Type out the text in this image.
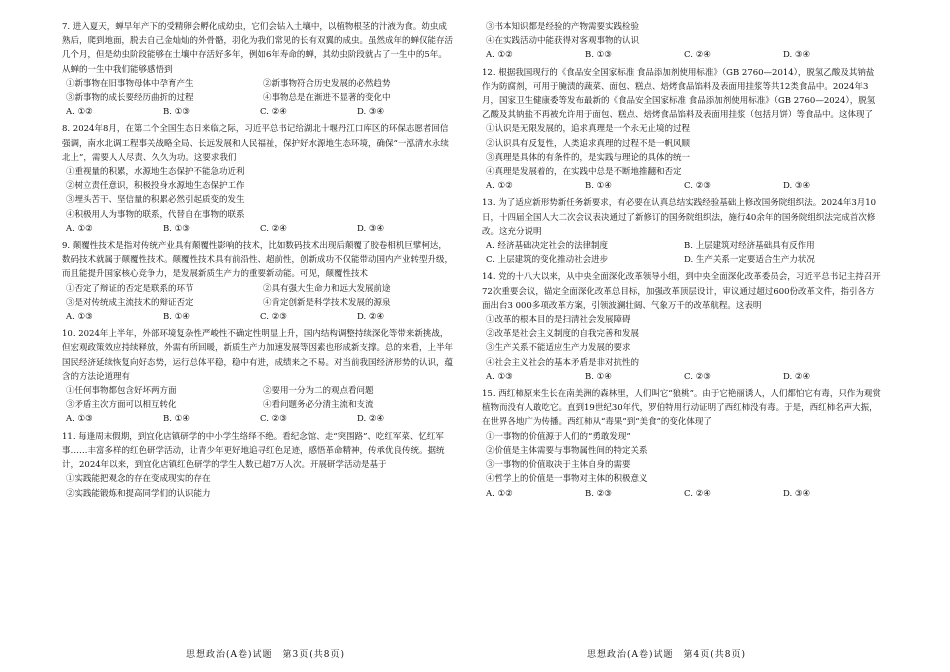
7. 进入夏天，蝉早年产下的受精卵会孵化成幼虫，它们会钻入土壤中，以植物根茎的汁液为食。幼虫成熟后，爬到地面，脱去自己金灿灿的外骨骼，羽化为我们常见的长有双翼的成虫。虽然成年的蝉仅能存活几个月，但是幼虫阶段能够在土壤中存活好多年，例如6年寿命的蝉，其幼虫阶段就占了一生中的5年。从蝉的一生中我们能够感悟到

①新事物在旧事物母体中孕育产生	②新事物符合历史发展的必然趋势
③新事物的成长要经历曲折的过程	④事物总是在渐进不显著的变化中
A. ①②	B. ①③	C. ②④	D. ③④

8. 2024年8月，在第二个全国生态日来临之际，习近平总书记给湖北十堰丹江口库区的环保志愿者回信强调，南水北调工程事关战略全局、长远发展和人民福祉，保护好水源地生态环境，确保“一泓清水永续北上”，需要人人尽责、久久为功。这要求我们

①重视量的积累，水源地生态保护不能急功近利
②树立责任意识，积极投身水源地生态保护工作
③埋头苦干、坚信量的积累必然引起质变的发生
④积极用人为事物的联系，代替自在事物的联系
A. ①②	B. ①③	C. ②④	D. ③④

9. 颠覆性技术是指对传统产业具有颠覆性影响的技术，比如数码技术出现后颠覆了胶卷相机巨擘柯达，数码技术就属于颠覆性技术。颠覆性技术具有前沿性、超前性，创新成功不仅能带动国内产业转型升级，而且能提升国家核心竞争力，是发展新质生产力的重要新动能。可见，颠覆性技术

①否定了辩证的否定是联系的环节	②具有强大生命力和远大发展前途
③是对传统成主流技术的辩证否定	④肯定创新是科学技术发展的源泉
A. ①③	B. ①④	C. ②③	D. ②④

10. 2024年上半年，外部环境复杂性严峻性不确定性明显上升，国内结构调整持续深化等带来新挑战，但宏观政策效应持续释放，外需有所回暖，新质生产力加速发展等因素也形成新支撑。总的来看，上半年国民经济延续恢复向好态势，运行总体平稳，稳中有进，成绩来之不易。对当前我国经济形势的认识，蕴含的方法论道理有

①任何事物都包含好坏两方面	②要用一分为二的观点看问题
③矛盾主次方面可以相互转化	④看问题务必分清主流和支流
A. ①③	B. ①④	C. ②③	D. ②④

11. 每逢周末假期，到宜化店镇研学的中小学生络绎不绝。看纪念馆、走“突围路”、吃红军菜、忆红军事……丰富多样的红色研学活动，让青少年更好地追寻红色足迹，感悟革命精神，传承优良传统。据统计，2024年以来，到宜化店镇红色研学的学生人数已超7万人次。开展研学活动是基于

①实践能把观念的存在变成现实的存在
②实践能锻炼和提高同学们的认识能力
③书本知识都是经验的产物需要实践检验
④在实践活动中能获得对客观事物的认识
A. ①②	B. ①③	C. ②④	D. ③④

12. 根据我国现行的《食品安全国家标准 食品添加剂使用标准》（GB 2760—2014），脱氢乙酸及其钠盐作为防腐剂，可用于腌渍的蔬菜、面包、糕点、焙烤食品馅料及表面用挂浆等共12类食品中。2024年3月，国家卫生健康委等发布最新的《食品安全国家标准 食品添加剂使用标准》（GB 2760—2024），脱氢乙酸及其钠盐不再被允许用于面包、糕点、焙烤食品馅料及表面用挂浆（包括月饼）等食品中。这体现了

①认识是无限发展的，追求真理是一个永无止境的过程
②认识具有反复性，人类追求真理的过程不是一帆风顺
③真理是具体的有条件的，是实践与理论的具体的统一
④真理是发展着的，在实践中总是不断地推翻和否定
A. ①②	B. ①④	C. ②③	D. ③④

13. 为了适应新形势新任务新要求，有必要在认真总结实践经验基础上修改国务院组织法。2024年3月10日，十四届全国人大二次会议表决通过了新修订的国务院组织法，施行40余年的国务院组织法完成首次修改。这充分说明

A. 经济基础决定社会的法律制度	B. 上层建筑对经济基础具有反作用
C. 上层建筑的变化推动社会进步	D. 生产关系一定要适合生产力状况

14. 党的十八大以来，从中央全面深化改革领导小组，到中央全面深化改革委员会，习近平总书记主持召开72次重要会议，锚定全面深化改革总目标，加强改革顶层设计，审议通过超过600份改革文件，指引各方面出台3 000多项改革方案，引领波澜壮阔、气象万千的改革航程。这表明

①改革的根本目的是扫清社会发展障碍
②改革是社会主义制度的自我完善和发展
③生产关系不能适应生产力发展的要求
④社会主义社会的基本矛盾是非对抗性的
A. ①③	B. ①④	C. ②③	D. ②④

15. 西红柿原来生长在南美洲的森林里，人们叫它“狼桃”。由于它艳丽诱人，人们都怕它有毒，只作为观赏植物而没有人敢吃它。直到19世纪30年代，罗伯特用行动证明了西红柿没有毒。于是，西红柿名声大振，在世界各地广为传播。西红柿从“毒果”到“美食”的变化体现了

①一事物的价值源于人们的“勇敢发现”
②价值是主体需要与事物属性间的特定关系
③一事物的价值取决于主体自身的需要
④哲学上的价值是一事物对主体的积极意义
A. ①②	B. ②③	C. ②④	D. ③④
思想政治(A卷)试题　第3页(共8页)	思想政治(A卷)试题　第4页(共8页)
